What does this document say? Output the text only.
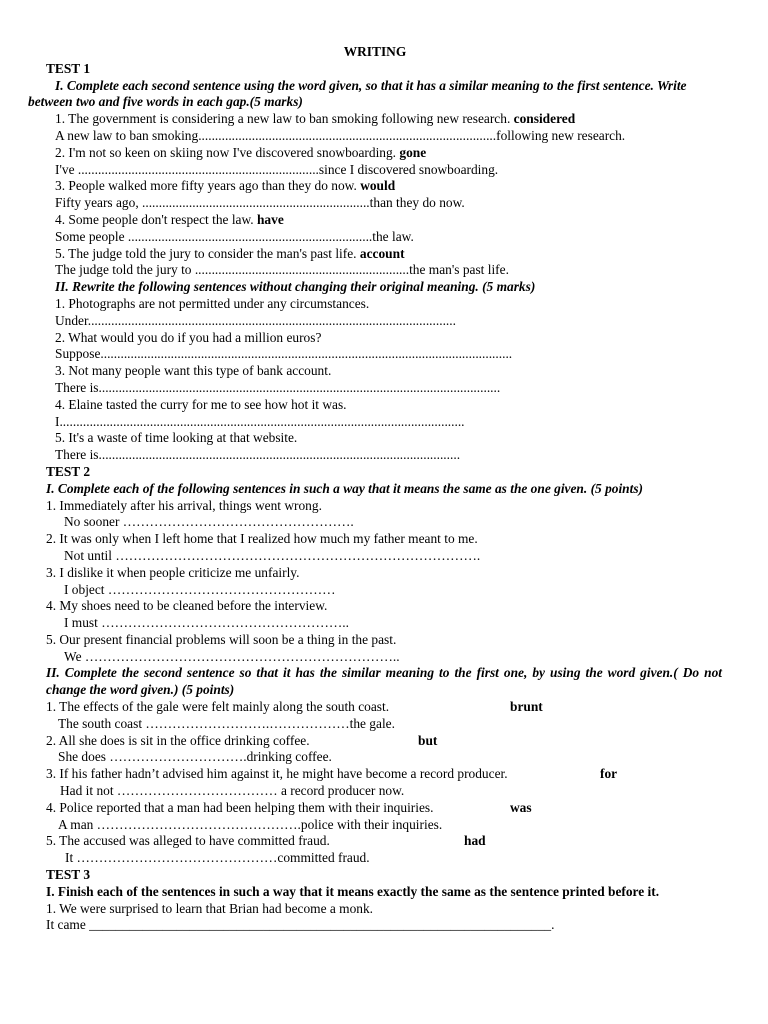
WRITING
TEST 1
I. Complete each second sentence using the word given, so that it has a similar meaning to the first sentence. Write between two and five words in each gap.(5 marks)
1. The government is considering a new law to ban smoking following new research. considered
A new law to ban smoking.........................................................................................following new research.
2. I'm not so keen on skiing now I've discovered snowboarding. gone
I've ........................................................................since I discovered snowboarding.
3. People walked more fifty years ago than they do now. would
Fifty years ago, ....................................................................than they do now.
4. Some people don't respect the law. have
Some people .........................................................................the law.
5. The judge told the jury to consider the man's past life. account
The judge told the jury to ................................................................the man's past life.
II. Rewrite the following sentences without changing their original meaning. (5 marks)
1. Photographs are not permitted under any circumstances.
Under..............................................................................................................
2. What would you do if you had a million euros?
Suppose...........................................................................................................................
3. Not many people want this type of bank account.
There is........................................................................................................................
4. Elaine tasted the curry for me to see how hot it was.
I.........................................................................................................................
5. It's a waste of time looking at that website.
There is............................................................................................................
TEST 2
I. Complete each of the following sentences in such a way that it means the same as the one given. (5 points)
1. Immediately after his arrival, things went wrong.
No sooner …………………………………………….
2. It was only when I left home that I realized how much my father meant to me.
Not until ……………………………………………………………………….
3. I dislike it when people criticize me unfairly.
I object ……………………………………………
4. My shoes need to be cleaned before the interview.
I must ………………………………………………..
5. Our present financial problems will soon be a thing in the past.
We ……………………………………………………………..
II. Complete the second sentence so that it has the similar meaning to the first one, by using the word given.( Do not change the word given.) (5 points)
1. The effects of the gale were felt mainly along the south coast.	brunt
The south coast ……………………….………………the gale.
2. All she does is sit in the office drinking coffee.	but
She does ………………………….drinking coffee.
3. If his father hadn’t advised him against it, he might have become a record producer.	for
Had it not ……………………………… a record producer now.
4. Police reported that a man had been helping them with their inquiries.	was
A man ……………………………………….police with their inquiries.
5. The accused was alleged to have committed fraud.	had
It ………………………………………committed fraud.
TEST 3
I. Finish each of the sentences in such a way that it means exactly the same as the sentence printed before it.
1. We were surprised to learn that Brian had become a monk.
It came _____________________________________________________________________.
